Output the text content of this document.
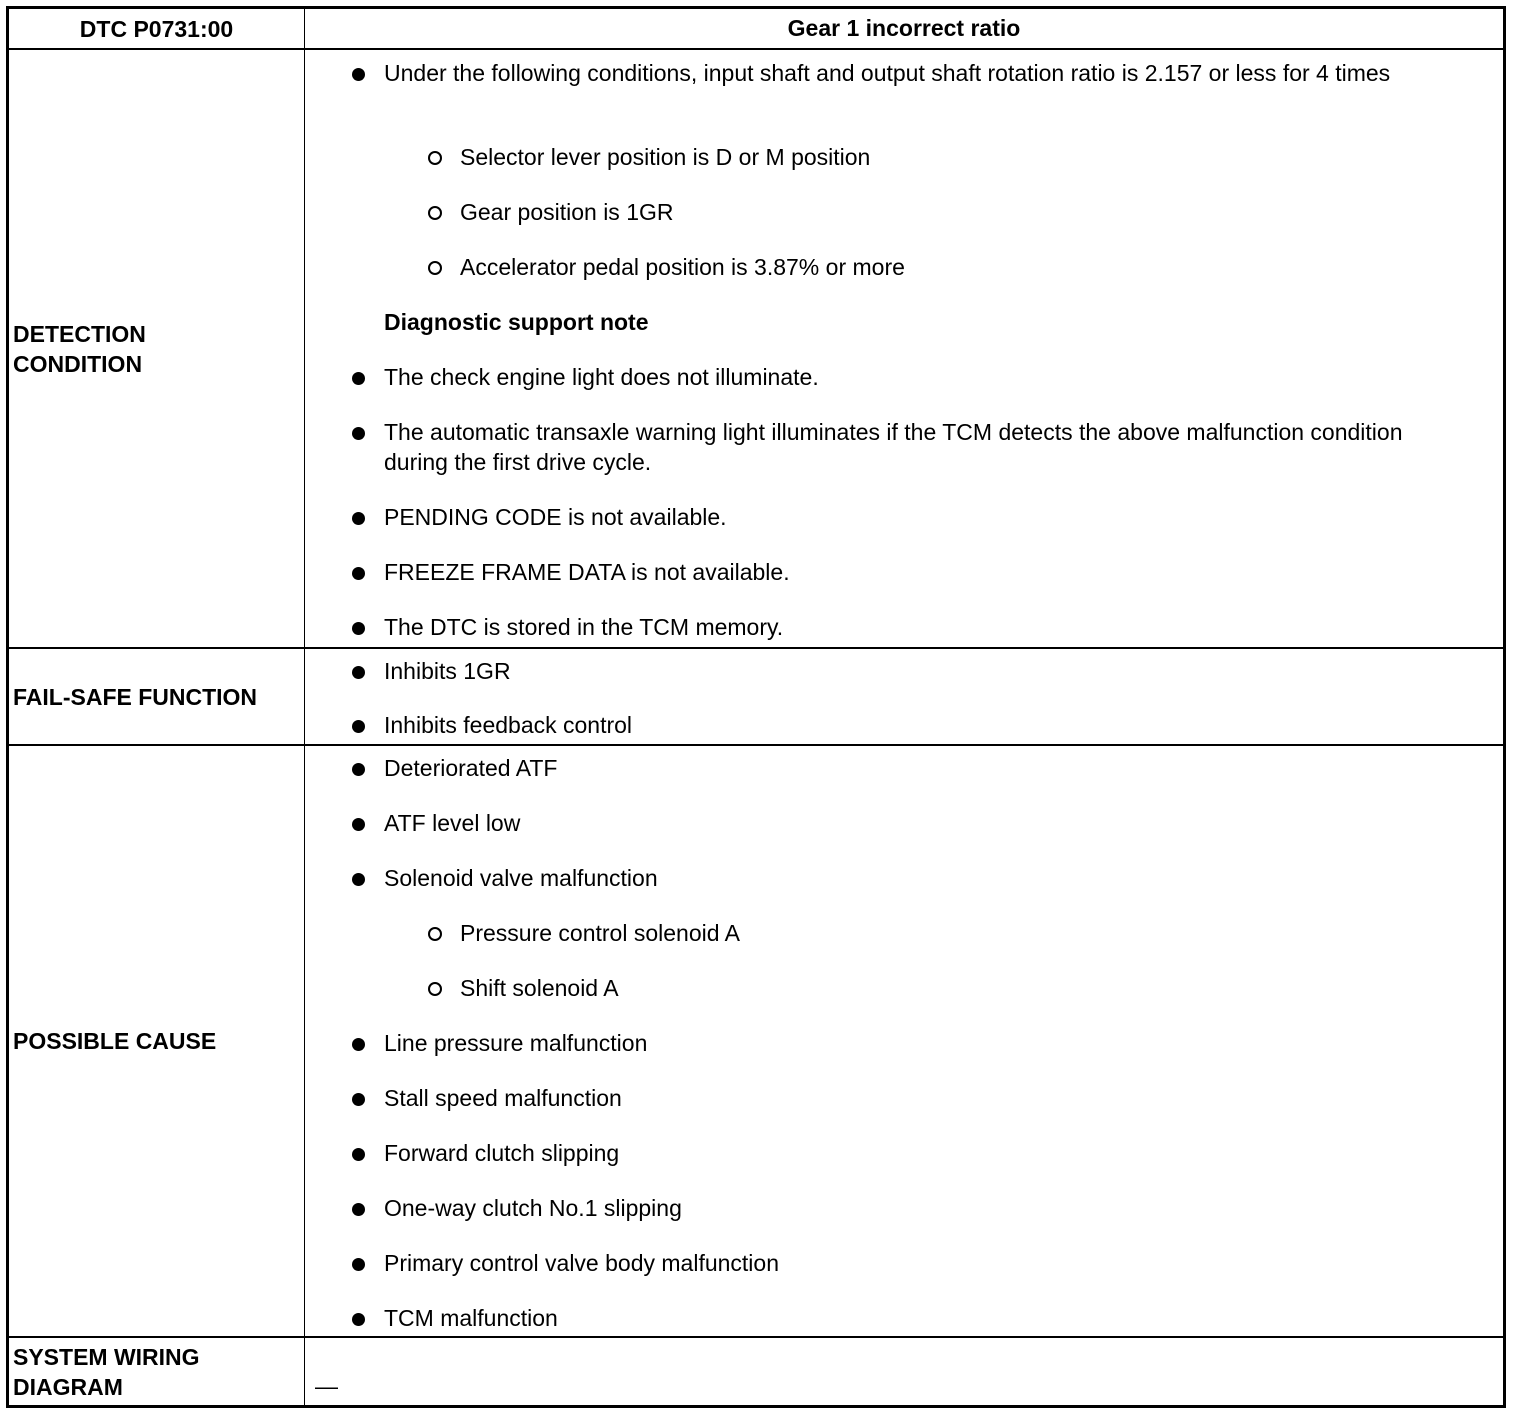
DTC P0731:00	Gear 1 incorrect ratio
DETECTION CONDITION
Under the following conditions, input shaft and output shaft rotation ratio is 2.157 or less for 4 times
Selector lever position is D or M position
Gear position is 1GR
Accelerator pedal position is 3.87% or more
Diagnostic support note
The check engine light does not illuminate.
The automatic transaxle warning light illuminates if the TCM detects the above malfunction condition during the first drive cycle.
PENDING CODE is not available.
FREEZE FRAME DATA is not available.
The DTC is stored in the TCM memory.
FAIL-SAFE FUNCTION
Inhibits 1GR
Inhibits feedback control
POSSIBLE CAUSE
Deteriorated ATF
ATF level low
Solenoid valve malfunction
Pressure control solenoid A
Shift solenoid A
Line pressure malfunction
Stall speed malfunction
Forward clutch slipping
One-way clutch No.1 slipping
Primary control valve body malfunction
TCM malfunction
SYSTEM WIRING DIAGRAM	—
